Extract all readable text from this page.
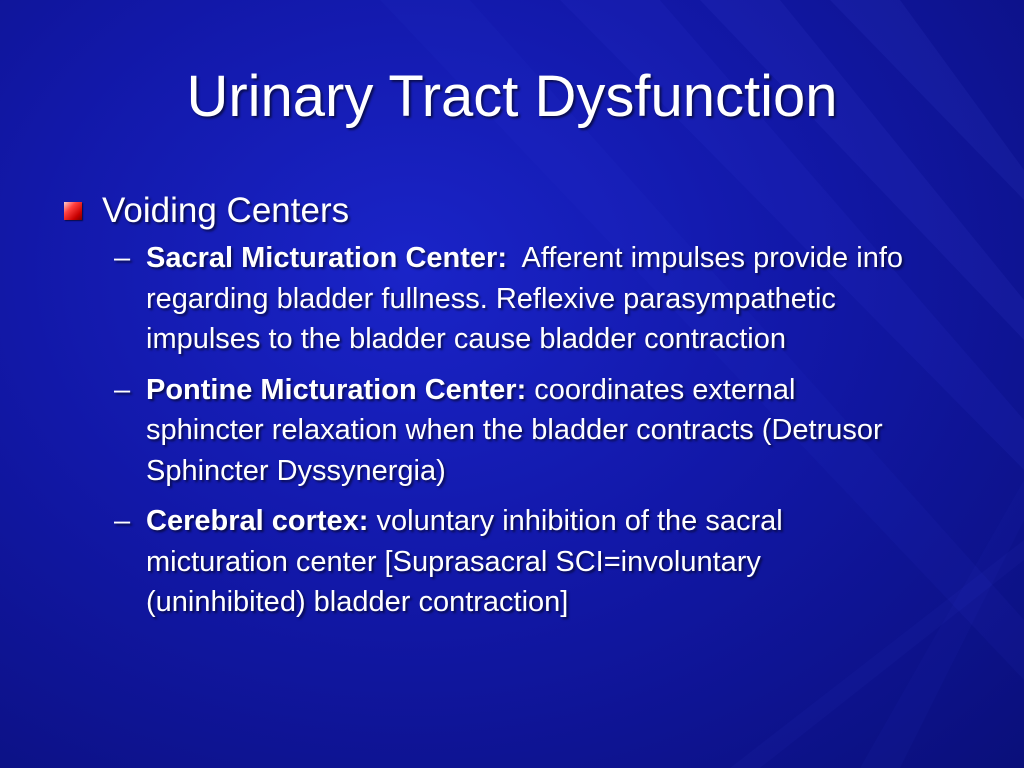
Urinary Tract Dysfunction
Voiding Centers
– Sacral Micturation Center:  Afferent impulses provide info regarding bladder fullness. Reflexive parasympathetic impulses to the bladder cause bladder contraction
– Pontine Micturation Center: coordinates external sphincter relaxation when the bladder contracts (Detrusor Sphincter Dyssynergia)
– Cerebral cortex: voluntary inhibition of the sacral micturation center [Suprasacral SCI=involuntary (uninhibited) bladder contraction]
